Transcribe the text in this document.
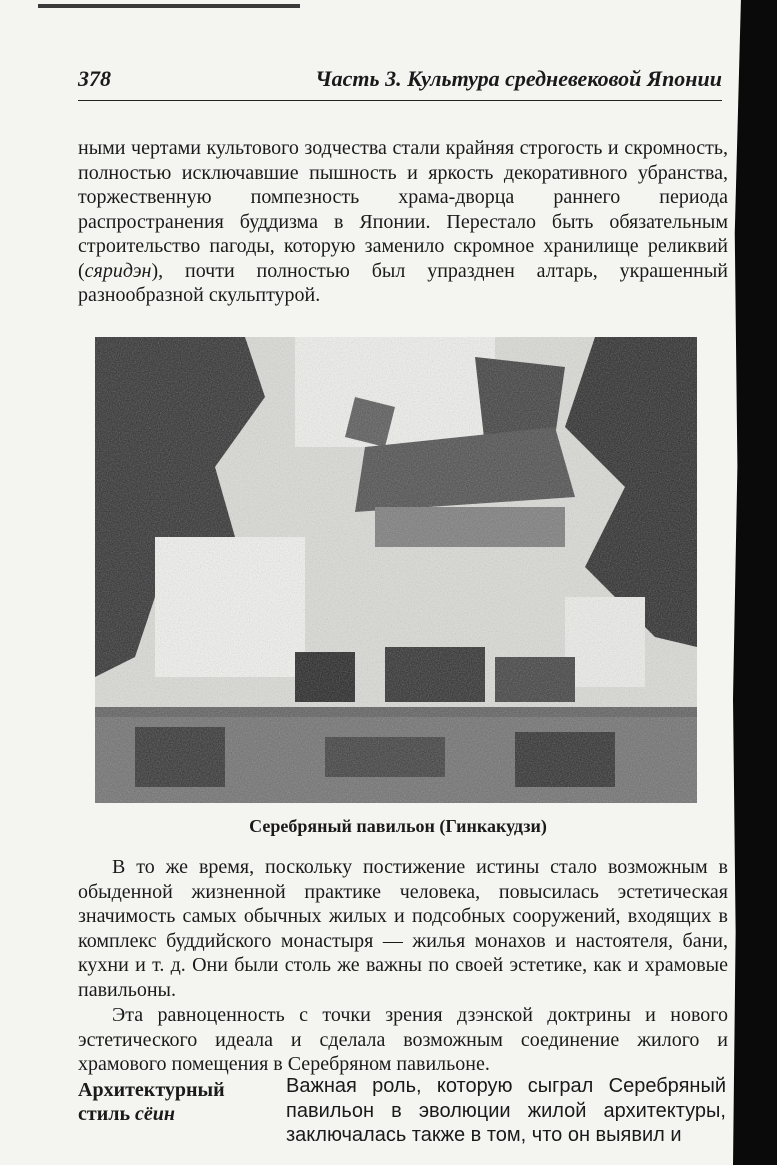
378	Часть 3. Культура средневековой Японии

ными чертами культового зодчества стали крайняя строгость и скромность, полностью исключавшие пышность и яркость декоративного убранства, торжественную помпезность храма-дворца раннего периода распространения буддизма в Японии. Перестало быть обязательным строительство пагоды, которую заменило скромное хранилище реликвий (сяридэн), почти полностью был упразднен алтарь, украшенный разнообразной скульптурой.

Серебряный павильон (Гинкакудзи)

В то же время, поскольку постижение истины стало возможным в обыденной жизненной практике человека, повысилась эстетическая значимость самых обычных жилых и подсобных сооружений, входящих в комплекс буддийского монастыря — жилья монахов и настоятеля, бани, кухни и т. д. Они были столь же важны по своей эстетике, как и храмовые павильоны.

Эта равноценность с точки зрения дзэнской доктрины и нового эстетического идеала и сделала возможным соединение жилого и храмового помещения в Серебряном павильоне.

Архитектурный
стиль сёин

Важная роль, которую сыграл Серебряный павильон в эволюции жилой архитектуры, заключалась также в том, что он выявил и
